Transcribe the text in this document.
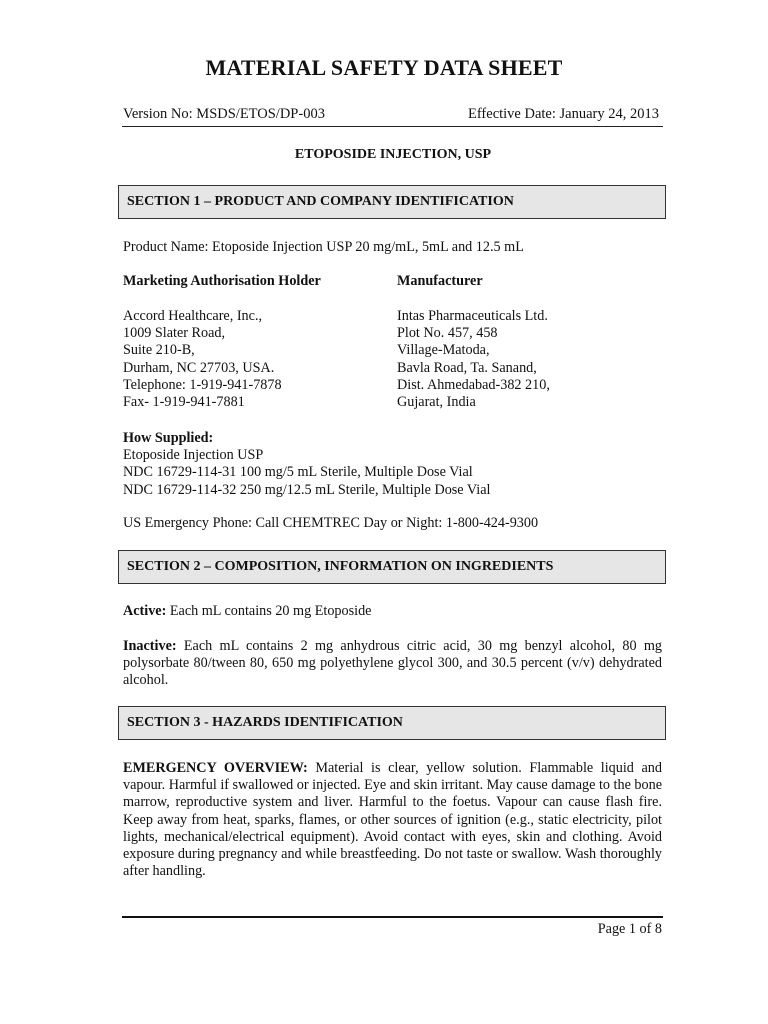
MATERIAL SAFETY DATA SHEET
Version No: MSDS/ETOS/DP-003	Effective Date: January 24, 2013
ETOPOSIDE INJECTION, USP
SECTION 1 – PRODUCT AND COMPANY IDENTIFICATION
Product Name: Etoposide Injection USP 20 mg/mL, 5mL and 12.5 mL
Marketing Authorisation Holder	Manufacturer
Accord Healthcare, Inc.,
1009 Slater Road,
Suite 210-B,
Durham, NC 27703, USA.
Telephone: 1-919-941-7878
Fax- 1-919-941-7881
Intas Pharmaceuticals Ltd.
Plot No. 457, 458
Village-Matoda,
Bavla Road, Ta. Sanand,
Dist. Ahmedabad-382 210,
Gujarat, India
How Supplied:
Etoposide Injection USP
NDC 16729-114-31 100 mg/5 mL Sterile, Multiple Dose Vial
NDC 16729-114-32 250 mg/12.5 mL Sterile, Multiple Dose Vial
US Emergency Phone: Call CHEMTREC Day or Night: 1-800-424-9300
SECTION 2 – COMPOSITION, INFORMATION ON INGREDIENTS
Active: Each mL contains 20 mg Etoposide
Inactive: Each mL contains 2 mg anhydrous citric acid, 30 mg benzyl alcohol, 80 mg polysorbate 80/tween 80, 650 mg polyethylene glycol 300, and 30.5 percent (v/v) dehydrated alcohol.
SECTION 3 - HAZARDS IDENTIFICATION
EMERGENCY OVERVIEW: Material is clear, yellow solution. Flammable liquid and vapour. Harmful if swallowed or injected. Eye and skin irritant. May cause damage to the bone marrow, reproductive system and liver. Harmful to the foetus. Vapour can cause flash fire. Keep away from heat, sparks, flames, or other sources of ignition (e.g., static electricity, pilot lights, mechanical/electrical equipment). Avoid contact with eyes, skin and clothing. Avoid exposure during pregnancy and while breastfeeding. Do not taste or swallow. Wash thoroughly after handling.
Page 1 of 8
